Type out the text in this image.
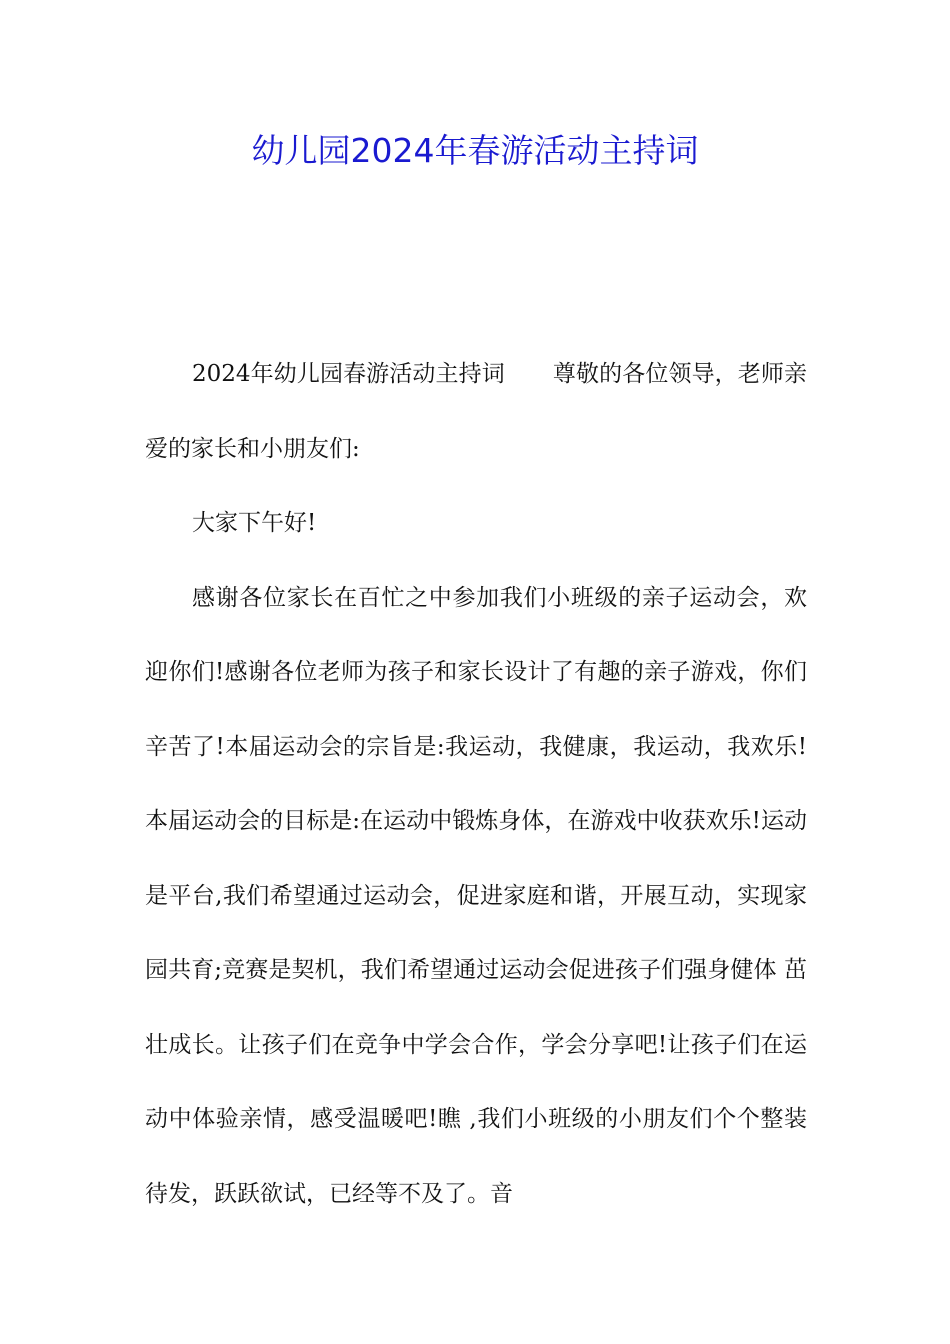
幼儿园2024年春游活动主持词

2024年幼儿园春游活动主持词 尊敬的各位领导，老师亲爱的家长和小朋友们:

大家下午好!

感谢各位家长在百忙之中参加我们小班级的亲子运动会，欢迎你们!感谢各位老师为孩子和家长设计了有趣的亲子游戏，你们辛苦了!本届运动会的宗旨是:我运动，我健康，我运动，我欢乐!本届运动会的目标是:在运动中锻炼身体，在游戏中收获欢乐!运动是平台,我们希望通过运动会，促进家庭和谐，开展互动，实现家园共育;竞赛是契机，我们希望通过运动会促进孩子们强身健体 茁壮成长。让孩子们在竞争中学会合作，学会分享吧!让孩子们在运动中体验亲情，感受温暖吧!瞧 ,我们小班级的小朋友们个个整装待发，跃跃欲试，已经等不及了。音
